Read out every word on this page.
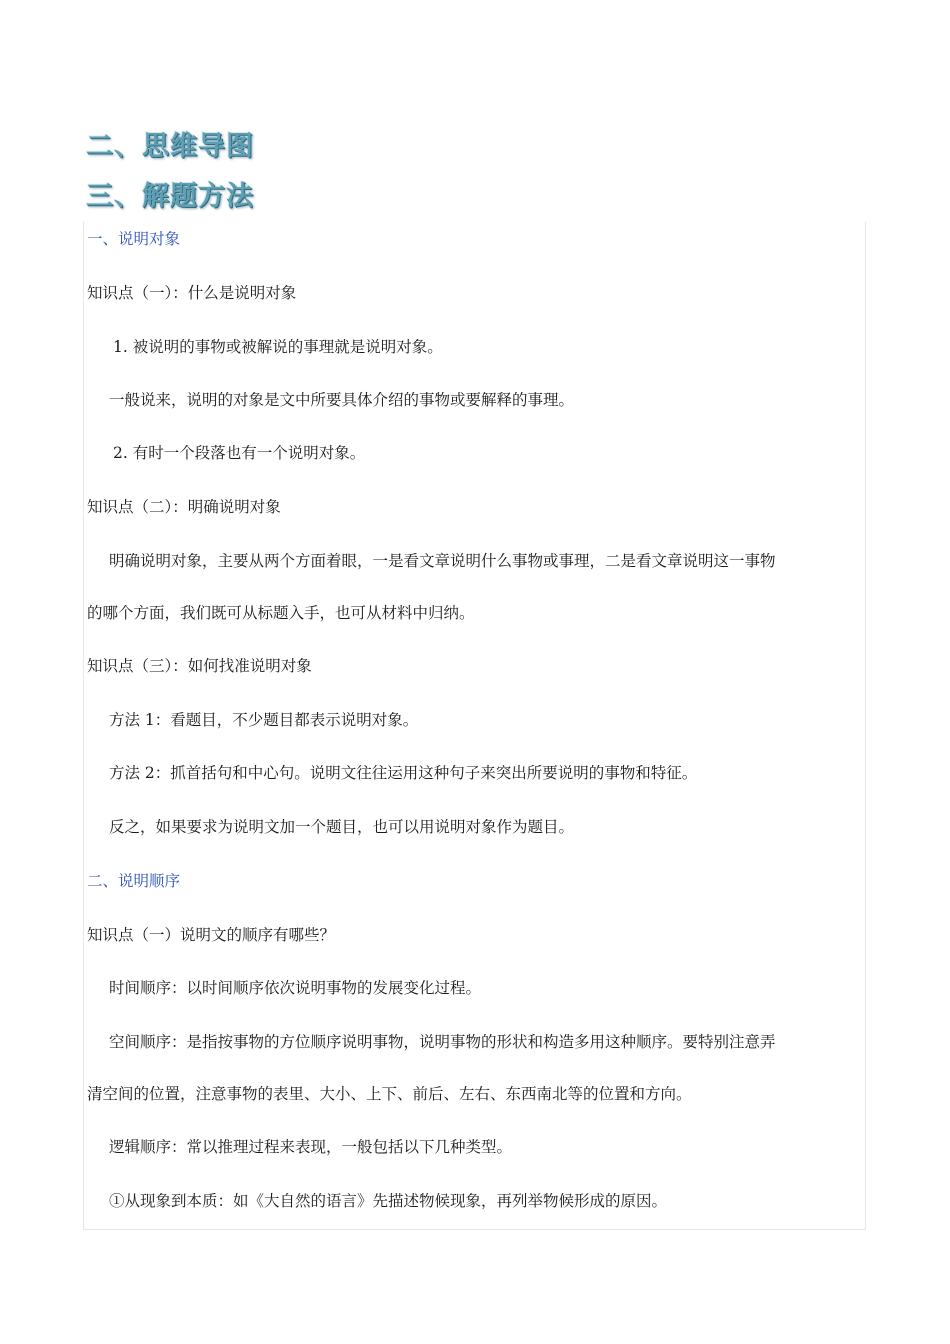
二、思维导图
三、解题方法
一、说明对象
知识点（一）：什么是说明对象
1. 被说明的事物或被解说的事理就是说明对象。
一般说来，说明的对象是文中所要具体介绍的事物或要解释的事理。
2. 有时一个段落也有一个说明对象。
知识点（二）：明确说明对象
明确说明对象，主要从两个方面着眼，一是看文章说明什么事物或事理，二是看文章说明这一事物
的哪个方面，我们既可从标题入手，也可从材料中归纳。
知识点（三）：如何找准说明对象
方法 1：看题目，不少题目都表示说明对象。
方法 2：抓首括句和中心句。说明文往往运用这种句子来突出所要说明的事物和特征。
反之，如果要求为说明文加一个题目，也可以用说明对象作为题目。
二、说明顺序
知识点（一）说明文的顺序有哪些？
时间顺序：以时间顺序依次说明事物的发展变化过程。
空间顺序：是指按事物的方位顺序说明事物，说明事物的形状和构造多用这种顺序。要特别注意弄
清空间的位置，注意事物的表里、大小、上下、前后、左右、东西南北等的位置和方向。
逻辑顺序：常以推理过程来表现，一般包括以下几种类型。
①从现象到本质：如《大自然的语言》先描述物候现象，再列举物候形成的原因。
